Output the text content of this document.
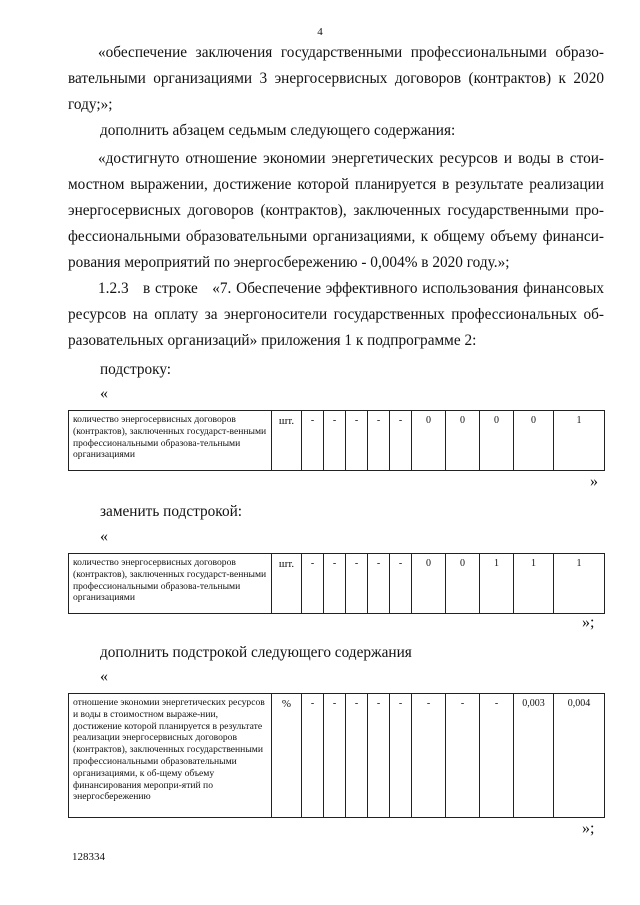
4
«обеспечение заключения государственными профессиональными образо-
вательными организациями 3 энергосервисных договоров (контрактов) к 2020
году;»;
дополнить абзацем седьмым следующего содержания:
«достигнуто отношение экономии энергетических ресурсов и воды в стои-
мостном выражении, достижение которой планируется в результате реализации
энергосервисных договоров (контрактов), заключенных государственными про-
фессиональными образовательными организациями, к общему объему финанси-
рования мероприятий по энергосбережению - 0,004% в 2020 году.»;
1.2.3   в строке   «7. Обеспечение эффективного использования финансовых
ресурсов на оплату за энергоносители государственных профессиональных об-
разовательных организаций» приложения 1 к подпрограмме 2:
подстроку:
«
количество энергосервисных договоров (контрактов), заключенных государст-венными профессиональными образова-тельными организациями	шт.	-	-	-	-	-	0	0	0	0	1
»
заменить подстрокой:
«
количество энергосервисных договоров (контрактов), заключенных государст-венными профессиональными образова-тельными организациями	шт.	-	-	-	-	-	0	0	1	1	1
»;
дополнить подстрокой следующего содержания
«
отношение экономии энергетических ресурсов и воды в стоимостном выраже-нии, достижение которой планируется в результате реализации энергосервисных договоров (контрактов), заключенных государственными профессиональными образовательными организациями, к об-щему объему финансирования меропри-ятий по энергосбережению	%	-	-	-	-	-	-	-	-	0,003	0,004
»;
128334
